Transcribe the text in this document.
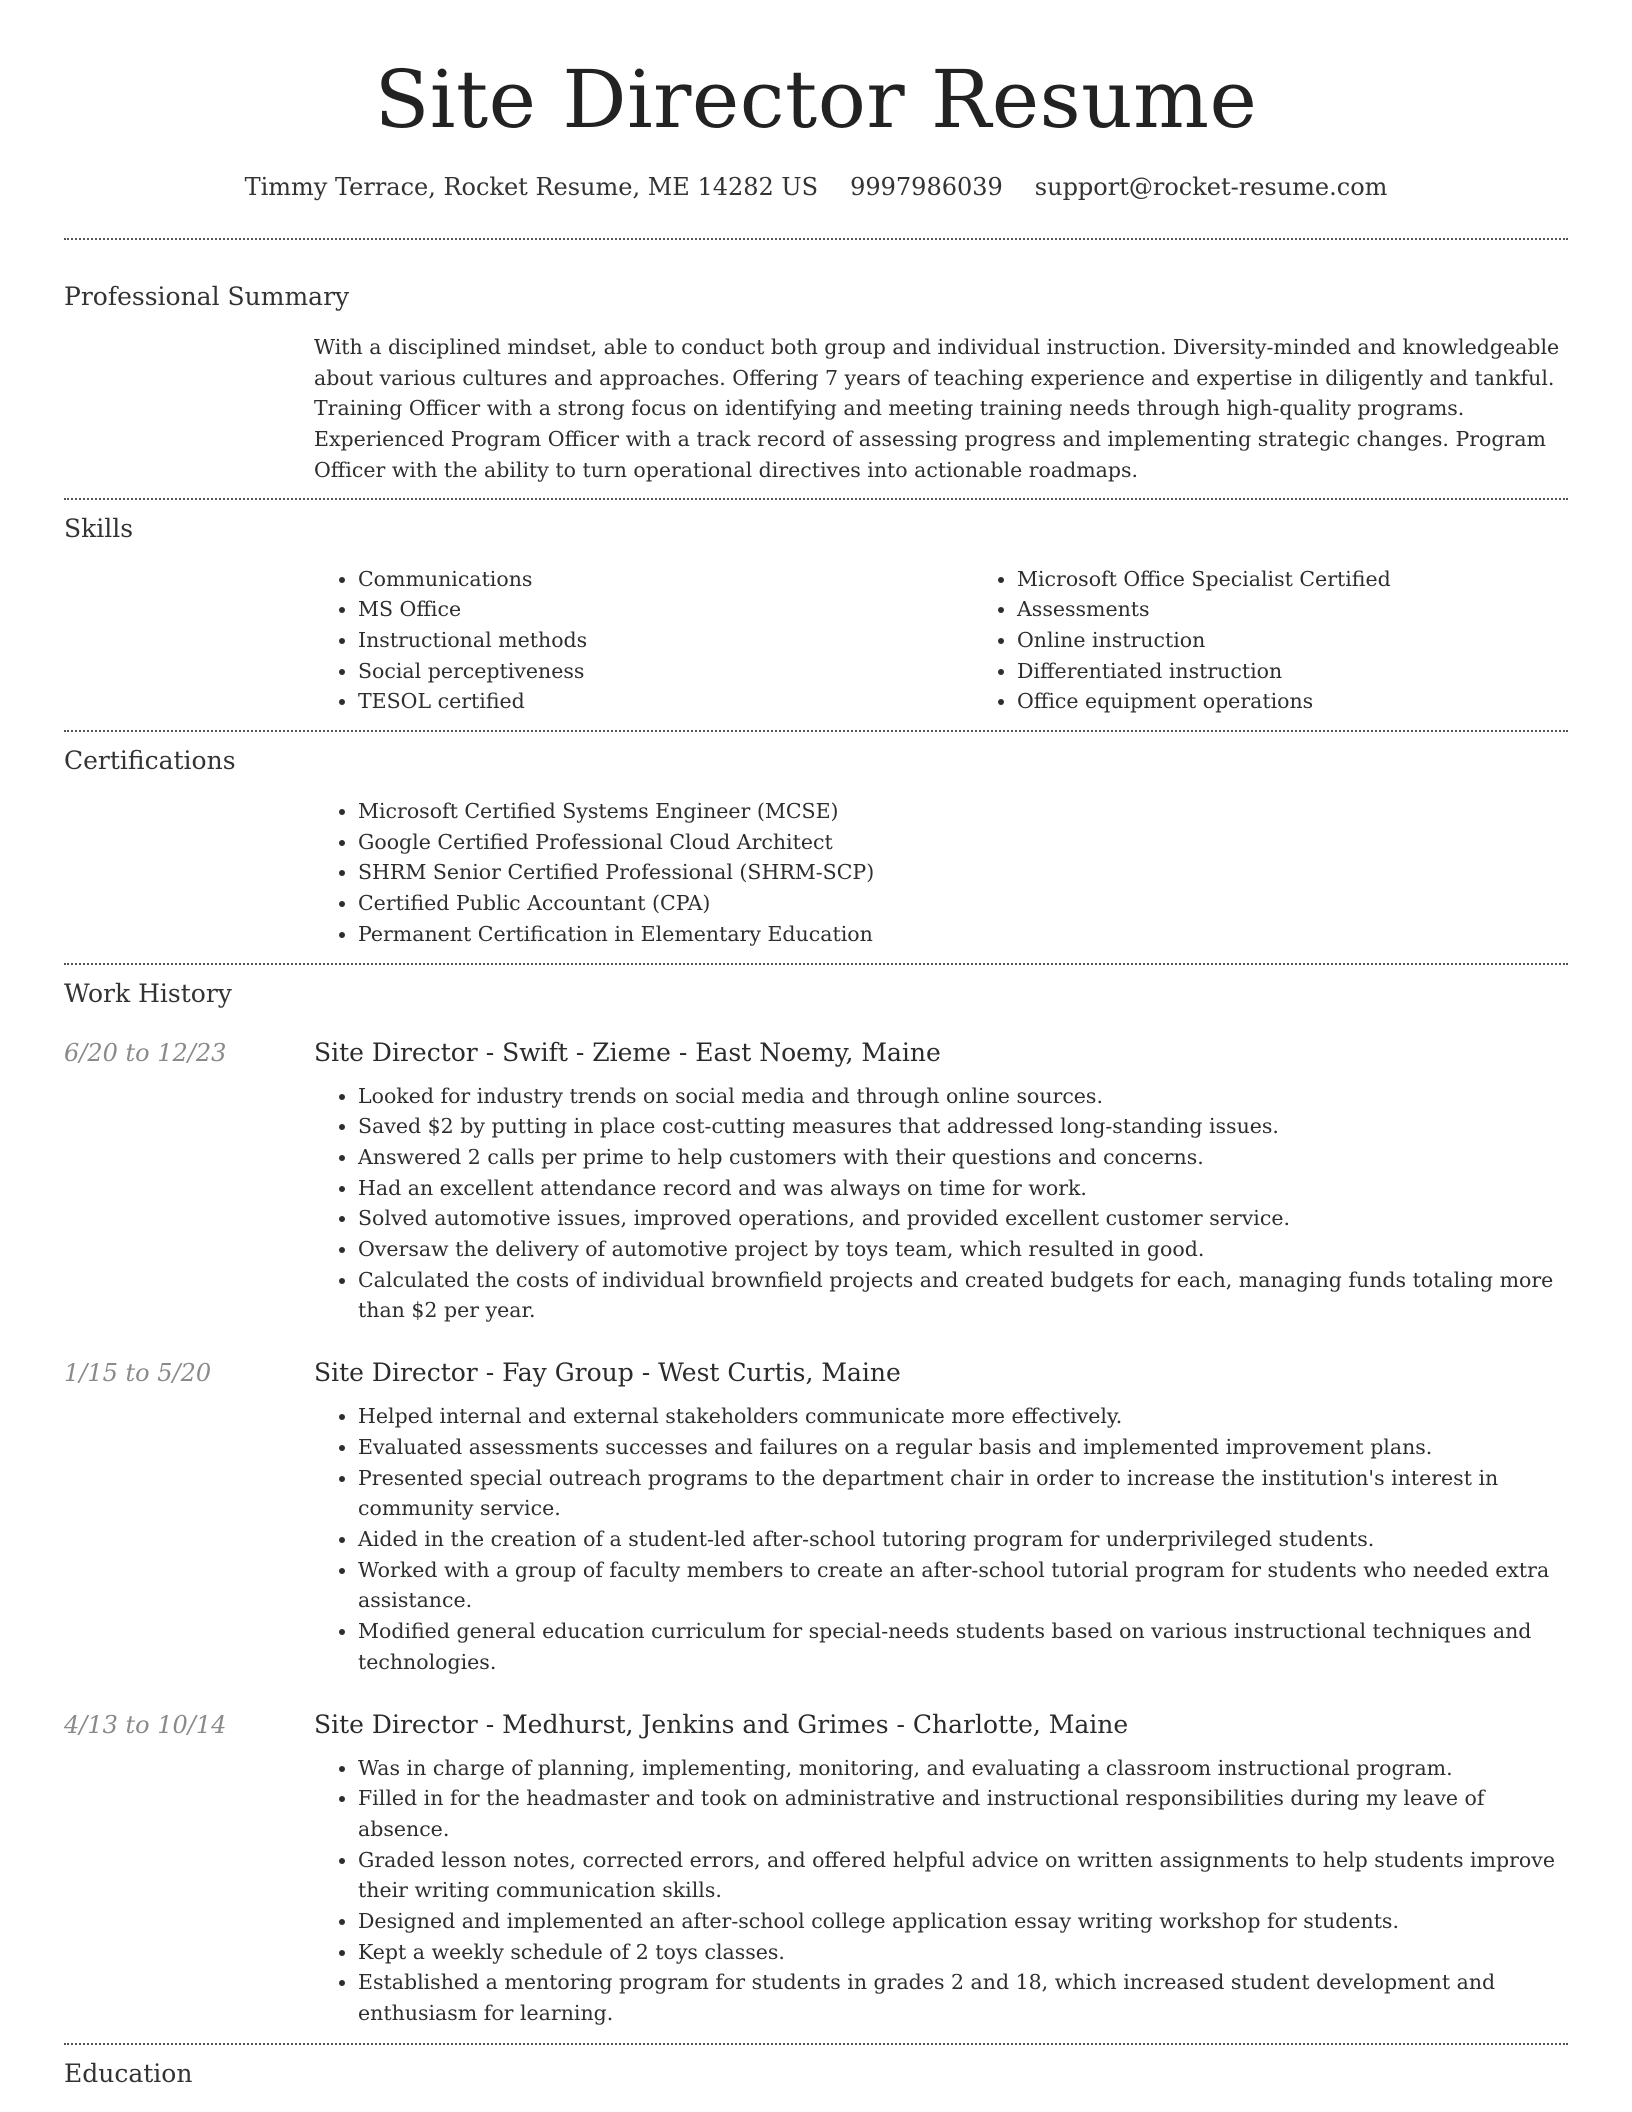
Site Director Resume
Timmy Terrace, Rocket Resume, ME 14282 US 9997986039 support@rocket-resume.com
Professional Summary

With a disciplined mindset, able to conduct both group and individual instruction. Diversity-minded and knowledgeable about various cultures and approaches. Offering 7 years of teaching experience and expertise in diligently and tankful. Training Officer with a strong focus on identifying and meeting training needs through high-quality programs. Experienced Program Officer with a track record of assessing progress and implementing strategic changes. Program Officer with the ability to turn operational directives into actionable roadmaps.

Skills
• Communications
• MS Office
• Instructional methods
• Social perceptiveness
• TESOL certified
• Microsoft Office Specialist Certified
• Assessments
• Online instruction
• Differentiated instruction
• Office equipment operations
Certifications
• Microsoft Certified Systems Engineer (MCSE)
• Google Certified Professional Cloud Architect
• SHRM Senior Certified Professional (SHRM-SCP)
• Certified Public Accountant (CPA)
• Permanent Certification in Elementary Education
Work History
6/20 to 12/23	Site Director - Swift - Zieme - East Noemy, Maine
• Looked for industry trends on social media and through online sources.
• Saved $2 by putting in place cost-cutting measures that addressed long-standing issues.
• Answered 2 calls per prime to help customers with their questions and concerns.
• Had an excellent attendance record and was always on time for work.
• Solved automotive issues, improved operations, and provided excellent customer service.
• Oversaw the delivery of automotive project by toys team, which resulted in good.
• Calculated the costs of individual brownfield projects and created budgets for each, managing funds totaling more than $2 per year.
1/15 to 5/20	Site Director - Fay Group - West Curtis, Maine
• Helped internal and external stakeholders communicate more effectively.
• Evaluated assessments successes and failures on a regular basis and implemented improvement plans.
• Presented special outreach programs to the department chair in order to increase the institution's interest in community service.
• Aided in the creation of a student-led after-school tutoring program for underprivileged students.
• Worked with a group of faculty members to create an after-school tutorial program for students who needed extra assistance.
• Modified general education curriculum for special-needs students based on various instructional techniques and technologies.
4/13 to 10/14	Site Director - Medhurst, Jenkins and Grimes - Charlotte, Maine
• Was in charge of planning, implementing, monitoring, and evaluating a classroom instructional program.
• Filled in for the headmaster and took on administrative and instructional responsibilities during my leave of absence.
• Graded lesson notes, corrected errors, and offered helpful advice on written assignments to help students improve their writing communication skills.
• Designed and implemented an after-school college application essay writing workshop for students.
• Kept a weekly schedule of 2 toys classes.
• Established a mentoring program for students in grades 2 and 18, which increased student development and enthusiasm for learning.
Education
